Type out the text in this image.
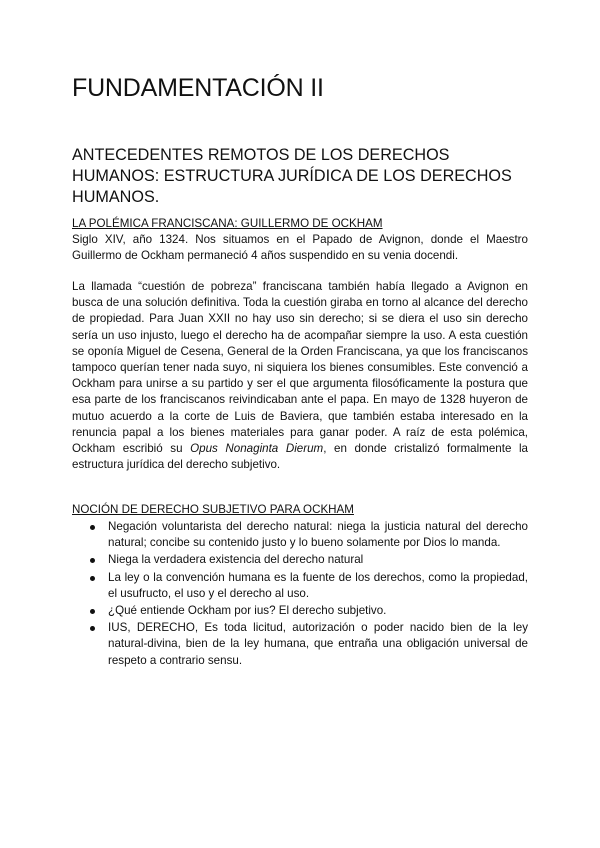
FUNDAMENTACIÓN II
ANTECEDENTES REMOTOS DE LOS DERECHOS HUMANOS: ESTRUCTURA JURÍDICA DE LOS DERECHOS HUMANOS.
LA POLÉMICA FRANCISCANA: GUILLERMO DE OCKHAM

Siglo XIV, año 1324. Nos situamos en el Papado de Avignon, donde el Maestro Guillermo de Ockham permaneció 4 años suspendido en su venia docendi.

La llamada “cuestión de pobreza” franciscana también había llegado a Avignon en busca de una solución definitiva. Toda la cuestión giraba en torno al alcance del derecho de propiedad. Para Juan XXII no hay uso sin derecho; si se diera el uso sin derecho sería un uso injusto, luego el derecho ha de acompañar siempre la uso. A esta cuestión se oponía Miguel de Cesena, General de la Orden Franciscana, ya que los franciscanos tampoco querían tener nada suyo, ni siquiera los bienes consumibles. Este convenció a Ockham para unirse a su partido y ser el que argumenta filosóficamente la postura que esa parte de los franciscanos reivindicaban ante el papa. En mayo de 1328 huyeron de mutuo acuerdo a la corte de Luis de Baviera, que también estaba interesado en la renuncia papal a los bienes materiales para ganar poder. A raíz de esta polémica, Ockham escribió su Opus Nonaginta Dierum, en donde cristalizó formalmente la estructura jurídica del derecho subjetivo.

NOCIÓN DE DERECHO SUBJETIVO PARA OCKHAM
Negación voluntarista del derecho natural: niega la justicia natural del derecho natural; concibe su contenido justo y lo bueno solamente por Dios lo manda.
Niega la verdadera existencia del derecho natural
La ley o la convención humana es la fuente de los derechos, como la propiedad, el usufructo, el uso y el derecho al uso.
¿Qué entiende Ockham por ius? El derecho subjetivo.
IUS, DERECHO, Es toda licitud, autorización o poder nacido bien de la ley natural-divina, bien de la ley humana, que entraña una obligación universal de respeto a contrario sensu.
